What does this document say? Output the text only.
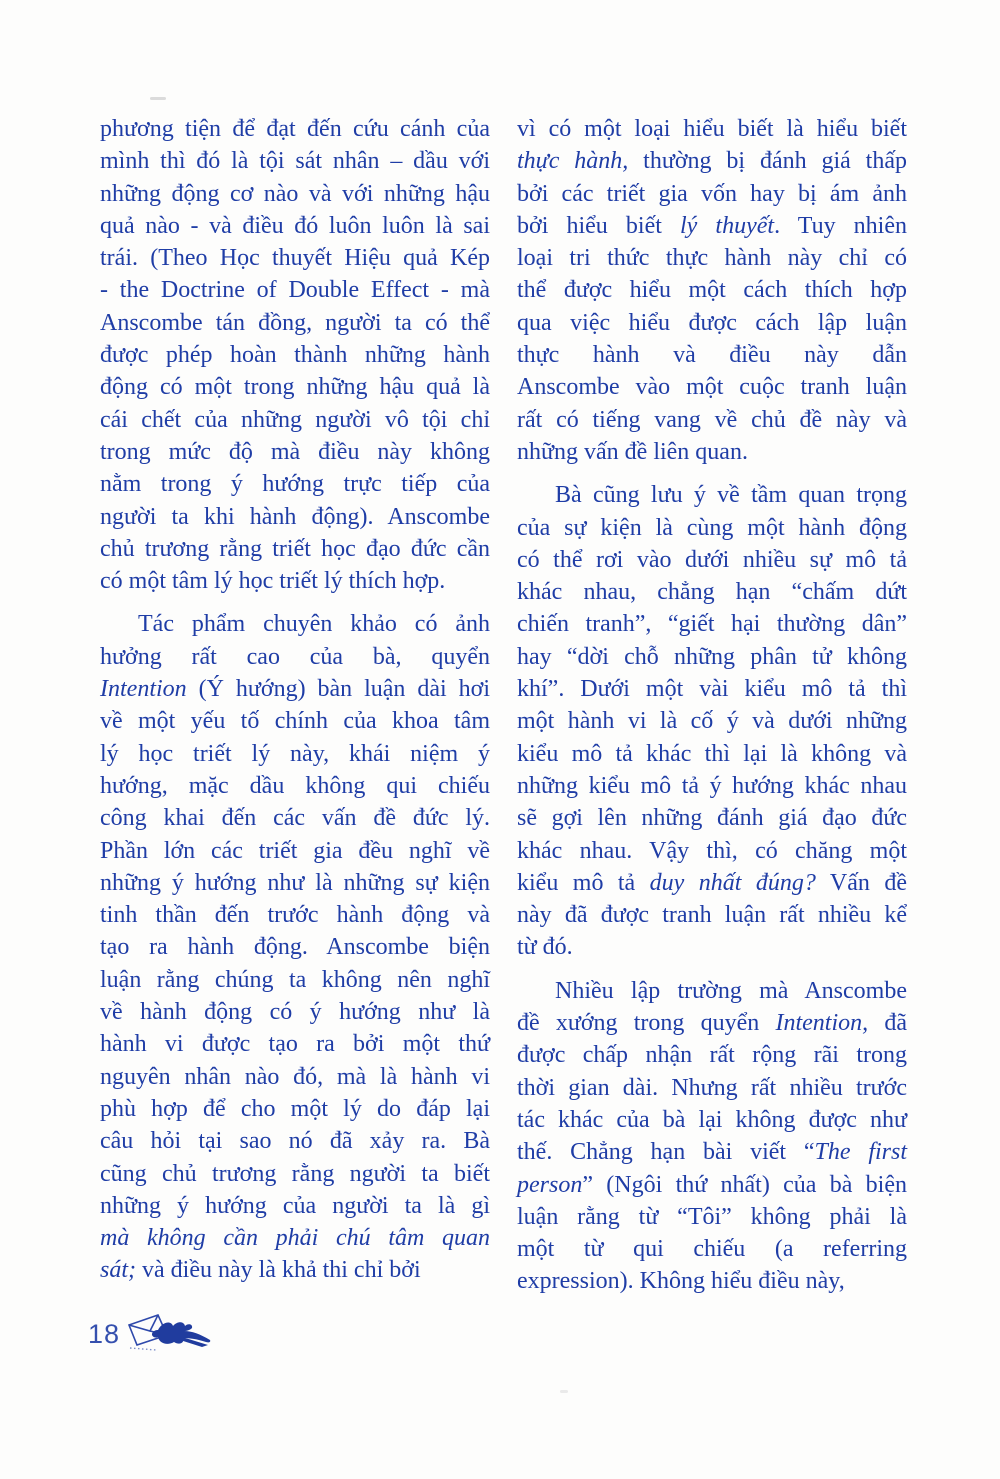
phương tiện để đạt đến cứu cánh của
mình thì đó là tội sát nhân – dầu với
những động cơ nào và với những hậu
quả nào - và điều đó luôn luôn là sai
trái. (Theo Học thuyết Hiệu quả Kép
- the Doctrine of Double Effect - mà
Anscombe tán đồng, người ta có thể
được phép hoàn thành những hành
động có một trong những hậu quả là
cái chết của những người vô tội chỉ
trong mức độ mà điều này không
nằm trong ý hướng trực tiếp của
người ta khi hành động). Anscombe
chủ trương rằng triết học đạo đức cần
có một tâm lý học triết lý thích hợp.
Tác phẩm chuyên khảo có ảnh
hưởng rất cao của bà, quyển
Intention (Ý hướng) bàn luận dài hơi
về một yếu tố chính của khoa tâm
lý học triết lý này, khái niệm ý
hướng, mặc dầu không qui chiếu
công khai đến các vấn đề đức lý.
Phần lớn các triết gia đều nghĩ về
những ý hướng như là những sự kiện
tinh thần đến trước hành động và
tạo ra hành động. Anscombe biện
luận rằng chúng ta không nên nghĩ
về hành động có ý hướng như là
hành vi được tạo ra bởi một thứ
nguyên nhân nào đó, mà là hành vi
phù hợp để cho một lý do đáp lại
câu hỏi tại sao nó đã xảy ra. Bà
cũng chủ trương rằng người ta biết
những ý hướng của người ta là gì
mà không cần phải chú tâm quan
sát; và điều này là khả thi chỉ bởi
vì có một loại hiểu biết là hiểu biết
thực hành, thường bị đánh giá thấp
bởi các triết gia vốn hay bị ám ảnh
bởi hiểu biết lý thuyết. Tuy nhiên
loại tri thức thực hành này chỉ có
thể được hiểu một cách thích hợp
qua việc hiểu được cách lập luận
thực hành và điều này dẫn
Anscombe vào một cuộc tranh luận
rất có tiếng vang về chủ đề này và
những vấn đề liên quan.
Bà cũng lưu ý về tầm quan trọng
của sự kiện là cùng một hành động
có thể rơi vào dưới nhiều sự mô tả
khác nhau, chẳng hạn “chấm dứt
chiến tranh”, “giết hại thường dân”
hay “dời chỗ những phân tử không
khí”. Dưới một vài kiểu mô tả thì
một hành vi là cố ý và dưới những
kiểu mô tả khác thì lại là không và
những kiểu mô tả ý hướng khác nhau
sẽ gợi lên những đánh giá đạo đức
khác nhau. Vậy thì, có chăng một
kiểu mô tả duy nhất đúng? Vấn đề
này đã được tranh luận rất nhiều kể
từ đó.
Nhiều lập trường mà Anscombe
đề xướng trong quyển Intention, đã
được chấp nhận rất rộng rãi trong
thời gian dài. Nhưng rất nhiều trước
tác khác của bà lại không được như
thế. Chẳng hạn bài viết “The first
person” (Ngôi thứ nhất) của bà biện
luận rằng từ “Tôi” không phải là
một từ qui chiếu (a referring
expression). Không hiểu điều này,
18
